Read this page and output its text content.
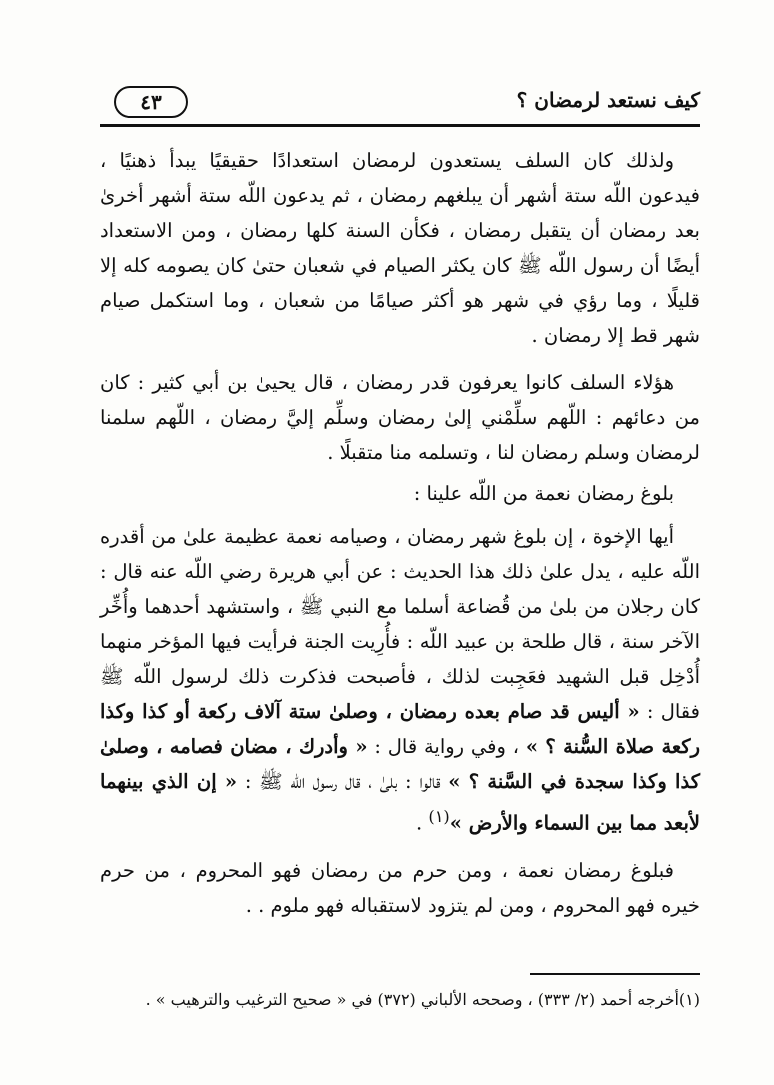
كيف نستعد لرمضان ؟
٤٣

ولذلك كان السلف يستعدون لرمضان استعدادًا حقيقيًا يبدأ ذهنيًا ، فيدعون اللّه ستة أشهر أن يبلغهم رمضان ، ثم يدعون اللّه ستة أشهر أخرىٰ بعد رمضان أن يتقبل رمضان ، فكأن السنة كلها رمضان ، ومن الاستعداد أيضًا أن رسول اللّه ﷺ كان يكثر الصيام في شعبان حتىٰ كان يصومه كله إلا قليلًا ، وما رؤي في شهر هو أكثر صيامًا من شعبان ، وما استكمل صيام شهر قط إلا رمضان .

هؤلاء السلف كانوا يعرفون قدر رمضان ، قال يحيىٰ بن أبي كثير : كان من دعائهم : اللّهم سلِّمْني إلىٰ رمضان وسلِّم إليَّ رمضان ، اللّهم سلمنا لرمضان وسلم رمضان لنا ، وتسلمه منا متقبلًا .

بلوغ رمضان نعمة من اللّه علينا :

أيها الإخوة ، إن بلوغ شهر رمضان ، وصيامه نعمة عظيمة علىٰ من أقدره اللّه عليه ، يدل علىٰ ذلك هذا الحديث : عن أبي هريرة رضي اللّه عنه قال : كان رجلان من بلىٰ من قُضاعة أسلما مع النبي ﷺ ، واستشهد أحدهما وأُخِّر الآخر سنة ، قال طلحة بن عبيد اللّه : فأُرِيت الجنة فرأيت فيها المؤخر منهما أُدْخِل قبل الشهيد فعَجِبت لذلك ، فأصبحت فذكرت ذلك لرسول اللّه ﷺ فقال : « أليس قد صام بعده رمضان ، وصلىٰ ستة آلاف ركعة أو كذا وكذا ركعة صلاة السُّنة ؟ » ، وفي رواية قال : « وأدرك ، مضان فصامه ، وصلىٰ كذا وكذا سجدة في السَّنة ؟ » قالوا : بلىٰ ، قال رسول اللّه ﷺ : « إن الذي بينهما لأبعد مما بين السماء والأرض »$^{(١)}$ .

فبلوغ رمضان نعمة ، ومن حرم من رمضان فهو المحروم ، من حرم خيره فهو المحروم ، ومن لم يتزود لاستقباله فهو ملوم . .

(١)أخرجه أحمد (٢/ ٣٣٣) ، وصححه الألباني (٣٧٢) في « صحيح الترغيب والترهيب » .
